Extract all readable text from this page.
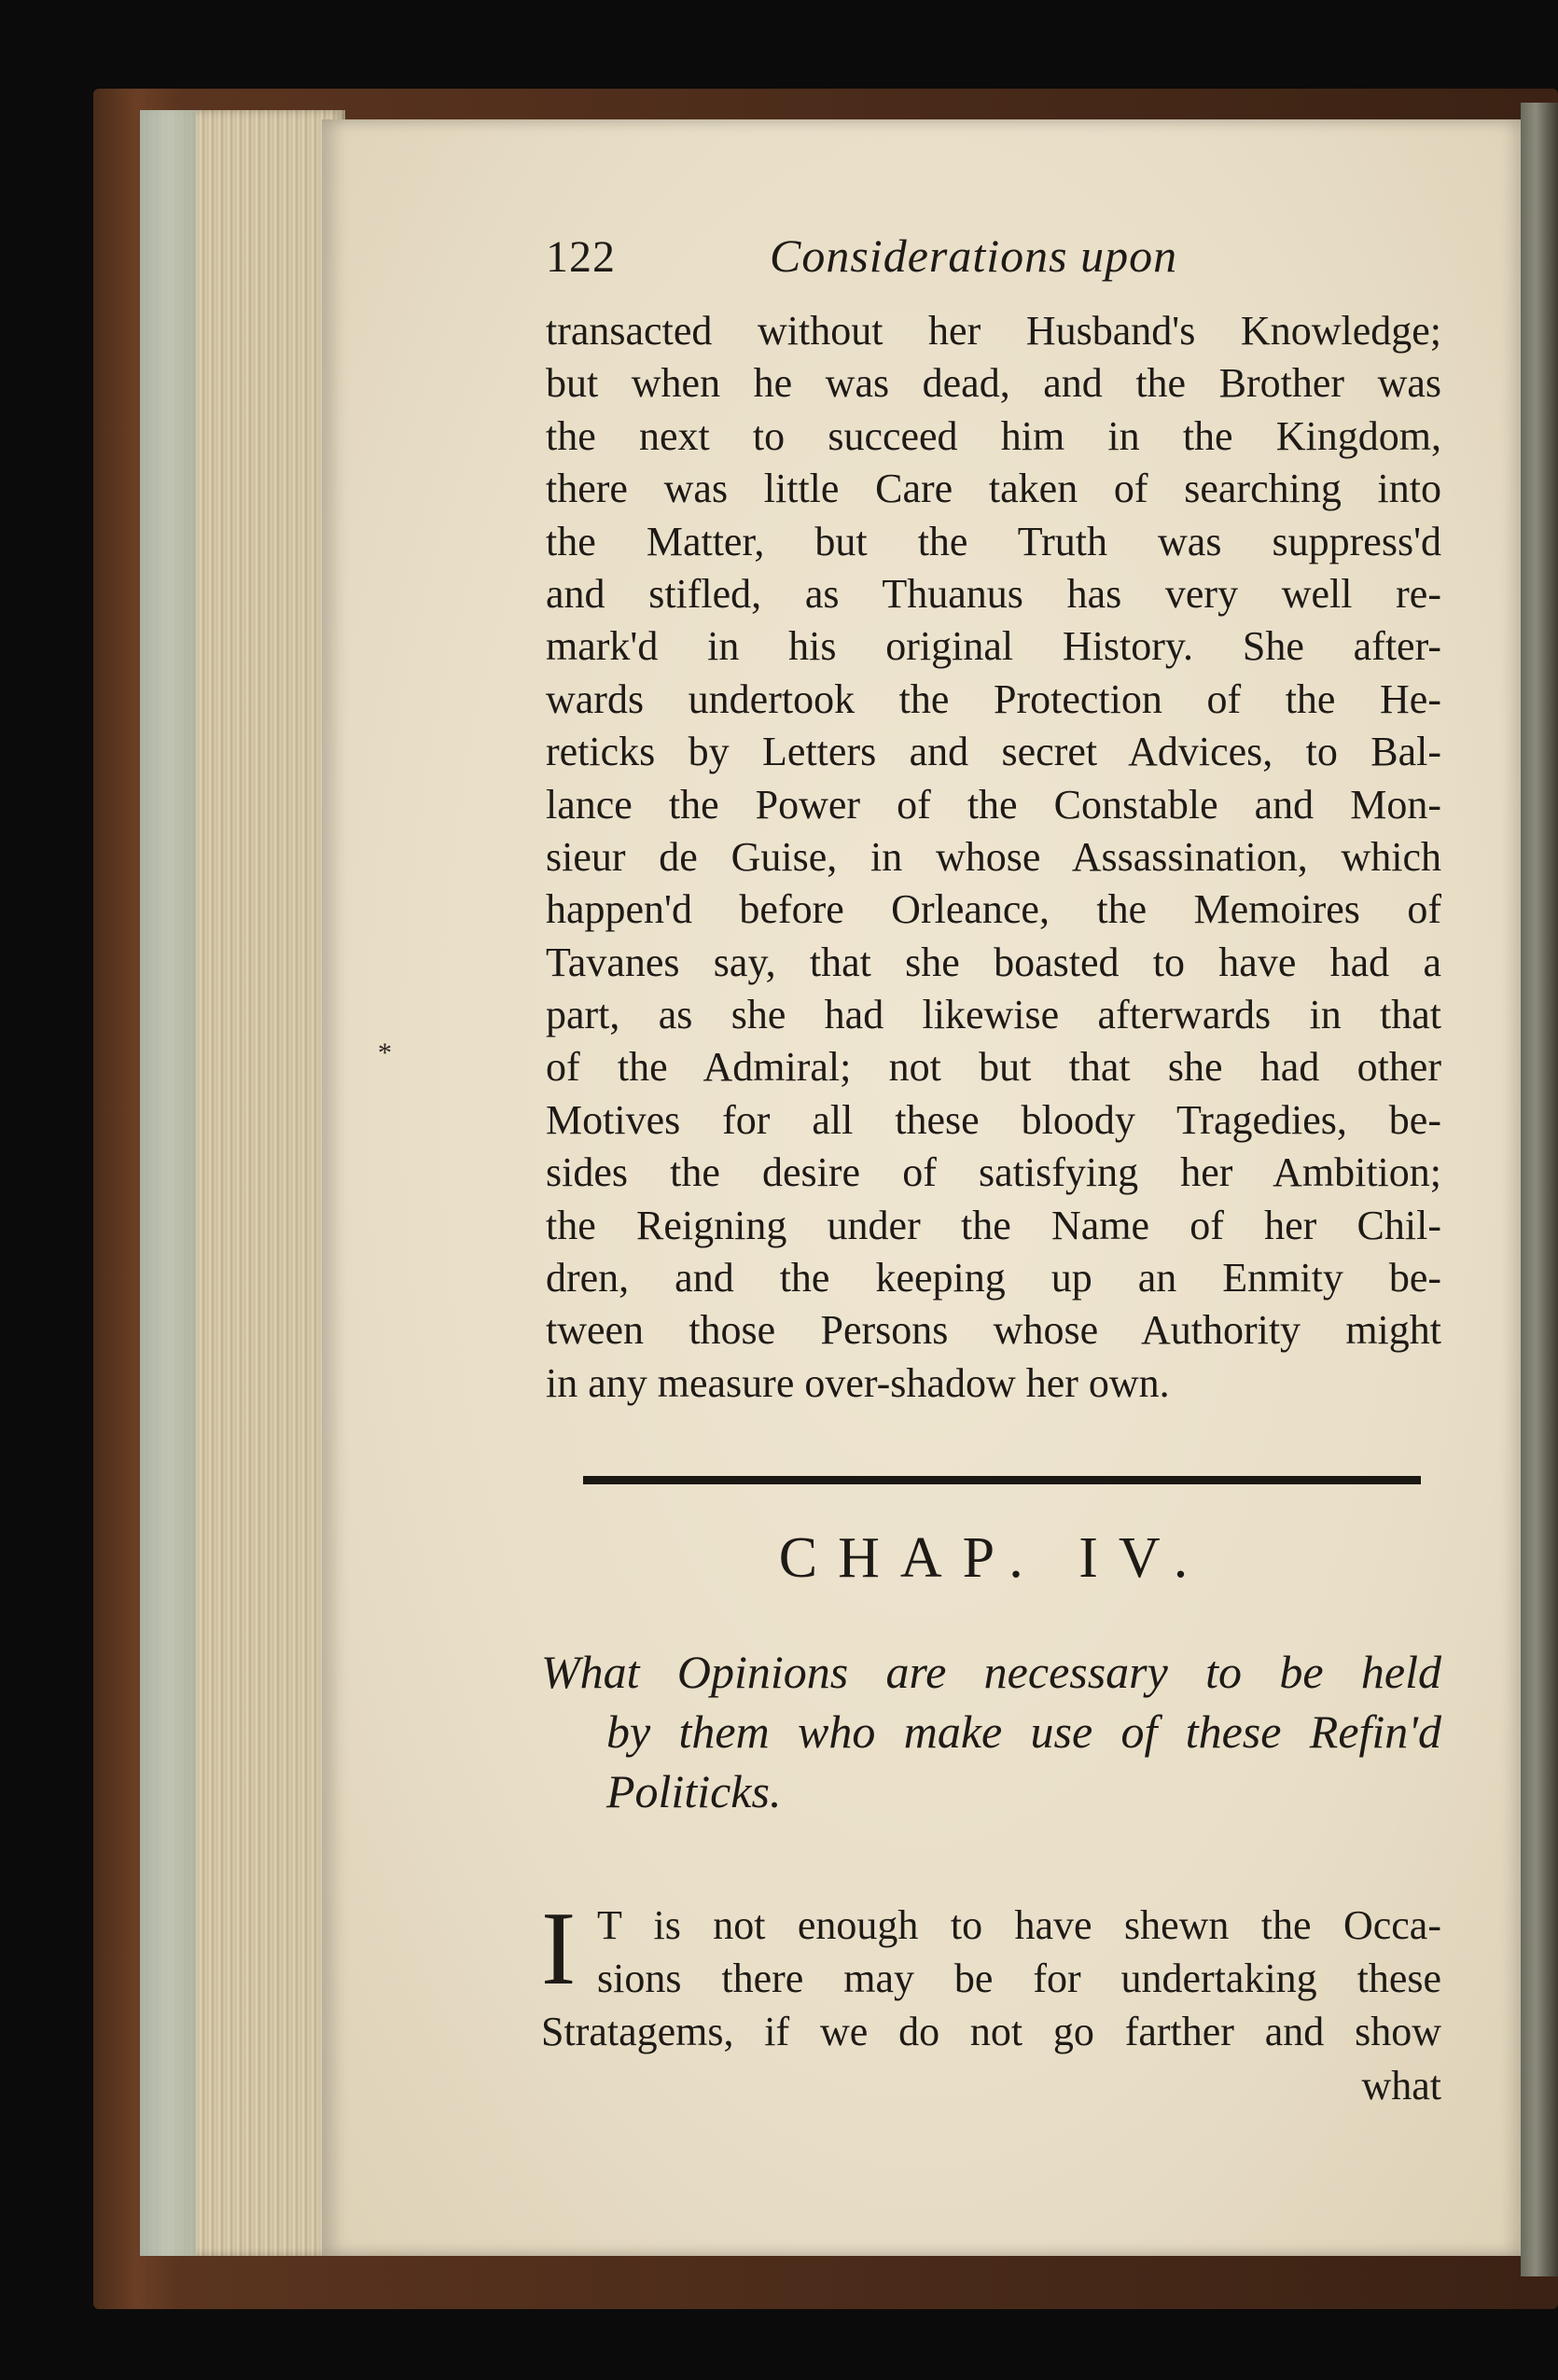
122	Considerations upon
transacted without her Husband's Knowledge;
but when he was dead, and the Brother was
the next to succeed him in the Kingdom,
there was little Care taken of searching into
the Matter, but the Truth was suppress'd
and stifled, as Thuanus has very well re-
mark'd in his original History. She after-
wards undertook the Protection of the He-
reticks by Letters and secret Advices, to Bal-
lance the Power of the Constable and Mon-
sieur de Guise, in whose Assassination, which
happen'd before Orleance, the Memoires of
Tavanes say, that she boasted to have had a
part, as she had likewise afterwards in that
of the Admiral; not but that she had other
Motives for all these bloody Tragedies, be-
sides the desire of satisfying her Ambition;
the Reigning under the Name of her Chil-
dren, and the keeping up an Enmity be-
tween those Persons whose Authority might
in any measure over-shadow her own.
*
CHAP. IV.
What Opinions are necessary to be held
by them who make use of these Refin'd
Politicks.
I T is not enough to have shewn the Occa-
sions there may be for undertaking these
Stratagems, if we do not go farther and show
what
